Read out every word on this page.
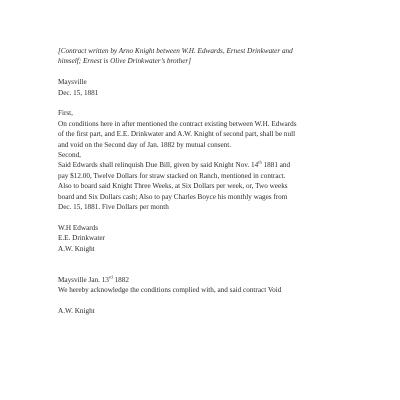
[Contract written by Arno Knight between W.H. Edwards, Ernest Drinkwater and
himself; Ernest is Olive Drinkwater’s brother]
Maysville
Dec. 15, 1881
First,
On conditions here in after mentioned the contract existing between W.H. Edwards
of the first part, and E.E. Drinkwater and A.W. Knight of second part, shall be null
and void on the Second day of Jan. 1882 by mutual consent.
Second,
Said Edwards shall relinquish Due Bill, given by said Knight Nov. 14th 1881 and
pay $12.00, Twelve Dollars for straw stacked on Ranch, mentioned in contract.
Also to board said Knight Three Weeks, at Six Dollars per week, or, Two weeks
board and Six Dollars cash; Also to pay Charles Boyce his monthly wages from
Dec. 15, 1881. Five Dollars per month
W.H Edwards
E.E. Drinkwater
A.W. Knight
Maysville Jan. 13rd 1882
We hereby acknowledge the conditions complied with, and said contract Void
A.W. Knight
